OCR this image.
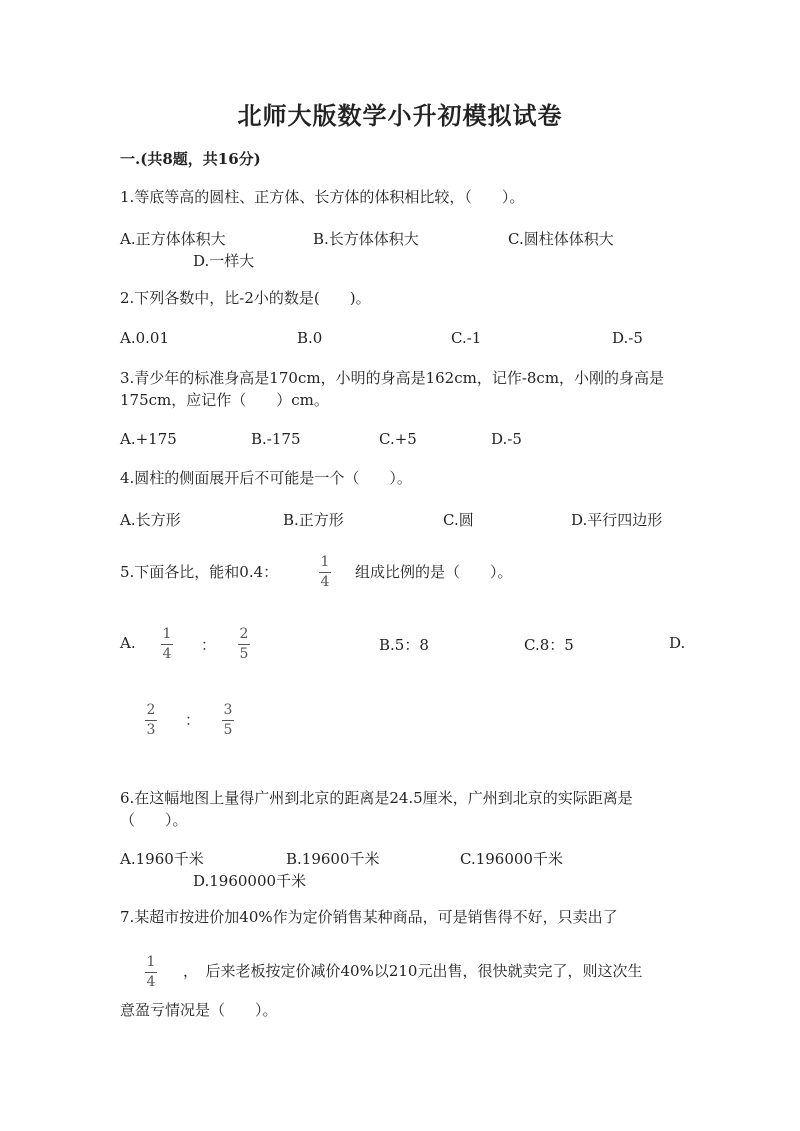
北师大版数学小升初模拟试卷
一.(共8题，共16分)
1.等底等高的圆柱、正方体、长方体的体积相比较，（　　）。
A.正方体体积大	B.长方体体积大	C.圆柱体体积大
D.一样大
2.下列各数中，比-2小的数是(　　)。
A.0.01	B.0	C.-1	D.-5
3.青少年的标准身高是170cm，小明的身高是162cm，记作-8cm，小刚的身高是
175cm，应记作（　　）cm。
A.+175	B.-175	C.+5	D.-5
4.圆柱的侧面展开后不可能是一个（　　）。
A.长方形	B.正方形	C.圆	D.平行四边形
5.下面各比，能和0.4：
1
4
组成比例的是（　　）。
A. 1
4 ：
2
5	B.5：8	C.8：5	D.
2
3
：
3
5
6.在这幅地图上量得广州到北京的距离是24.5厘米，广州到北京的实际距离是
（　　）。
A.1960千米	B.19600千米	C.196000千米
D.1960000千米
7.某超市按进价加40%作为定价销售某种商品，可是销售得不好，只卖出了
1
4
，　后来老板按定价减价40%以210元出售，很快就卖完了，则这次生
意盈亏情况是（　　）。
